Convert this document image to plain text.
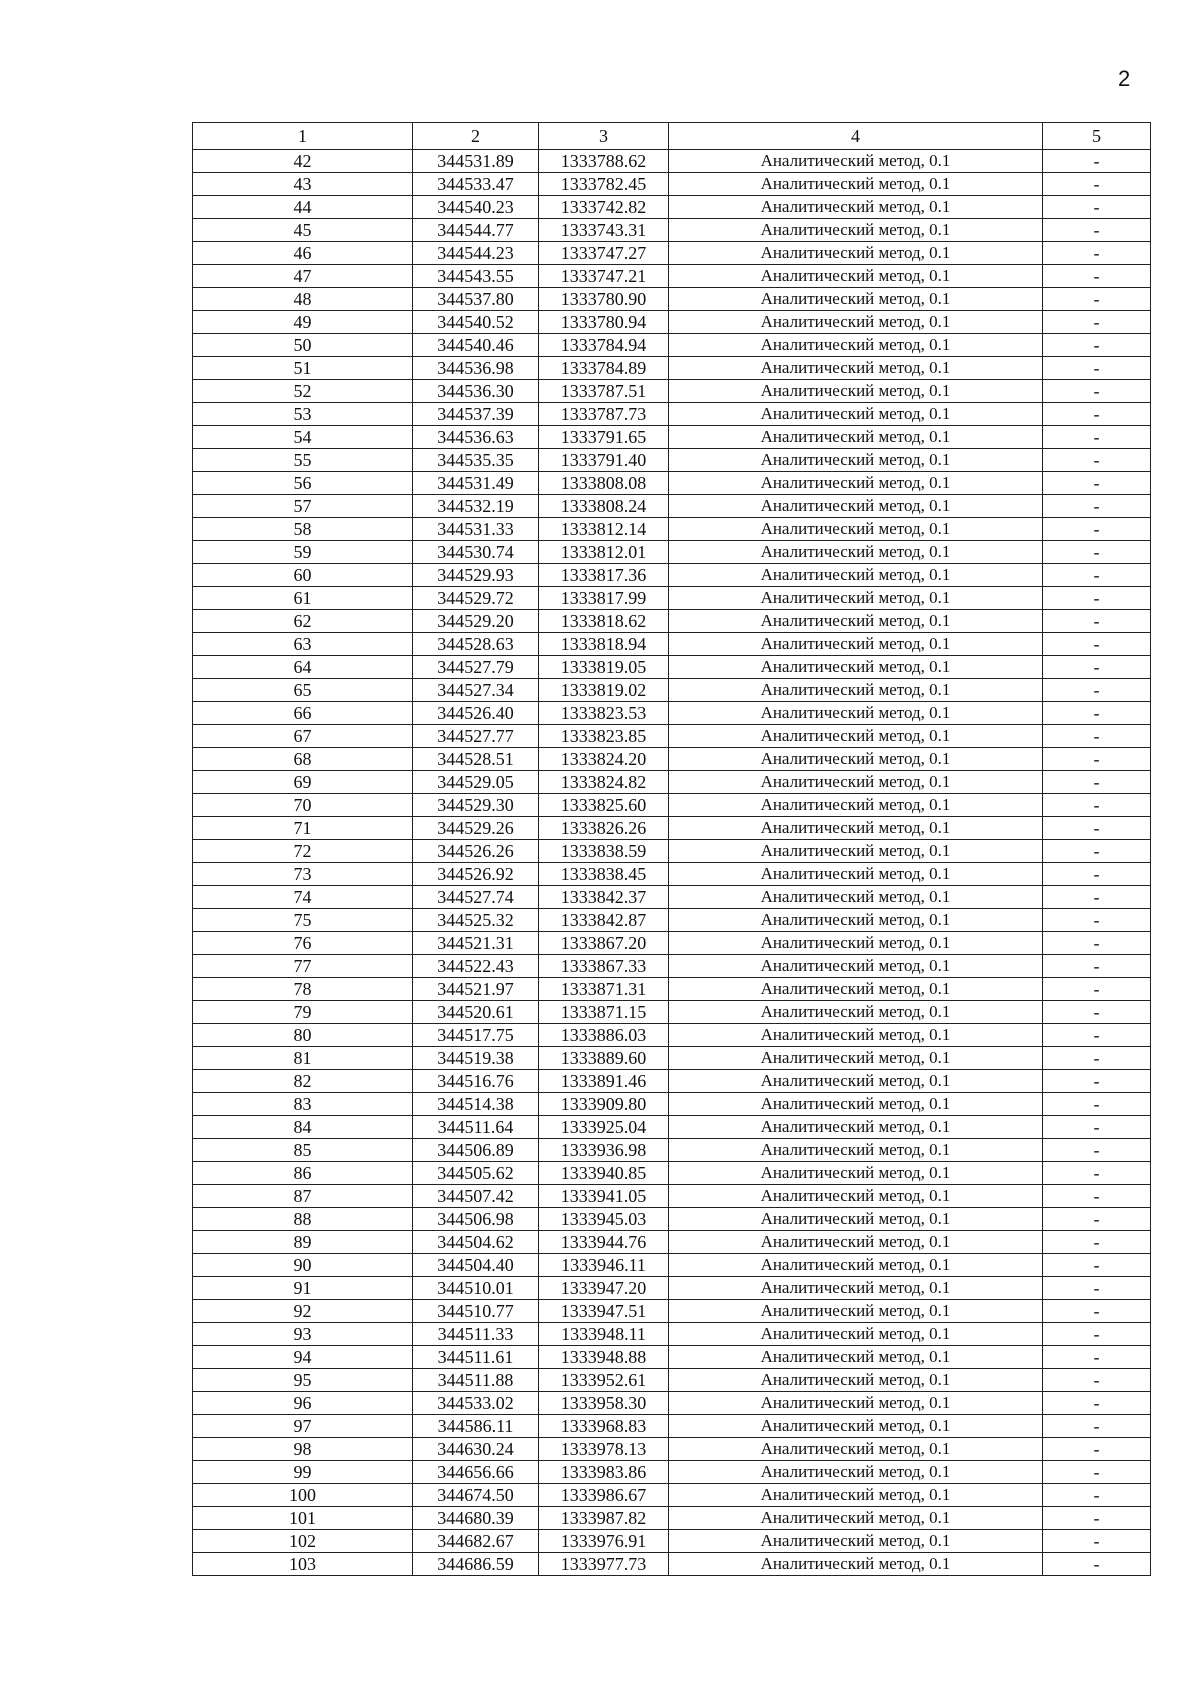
2
1	2	3	4	5
42	344531.89	1333788.62	Аналитический метод, 0.1	-
43	344533.47	1333782.45	Аналитический метод, 0.1	-
44	344540.23	1333742.82	Аналитический метод, 0.1	-
45	344544.77	1333743.31	Аналитический метод, 0.1	-
46	344544.23	1333747.27	Аналитический метод, 0.1	-
47	344543.55	1333747.21	Аналитический метод, 0.1	-
48	344537.80	1333780.90	Аналитический метод, 0.1	-
49	344540.52	1333780.94	Аналитический метод, 0.1	-
50	344540.46	1333784.94	Аналитический метод, 0.1	-
51	344536.98	1333784.89	Аналитический метод, 0.1	-
52	344536.30	1333787.51	Аналитический метод, 0.1	-
53	344537.39	1333787.73	Аналитический метод, 0.1	-
54	344536.63	1333791.65	Аналитический метод, 0.1	-
55	344535.35	1333791.40	Аналитический метод, 0.1	-
56	344531.49	1333808.08	Аналитический метод, 0.1	-
57	344532.19	1333808.24	Аналитический метод, 0.1	-
58	344531.33	1333812.14	Аналитический метод, 0.1	-
59	344530.74	1333812.01	Аналитический метод, 0.1	-
60	344529.93	1333817.36	Аналитический метод, 0.1	-
61	344529.72	1333817.99	Аналитический метод, 0.1	-
62	344529.20	1333818.62	Аналитический метод, 0.1	-
63	344528.63	1333818.94	Аналитический метод, 0.1	-
64	344527.79	1333819.05	Аналитический метод, 0.1	-
65	344527.34	1333819.02	Аналитический метод, 0.1	-
66	344526.40	1333823.53	Аналитический метод, 0.1	-
67	344527.77	1333823.85	Аналитический метод, 0.1	-
68	344528.51	1333824.20	Аналитический метод, 0.1	-
69	344529.05	1333824.82	Аналитический метод, 0.1	-
70	344529.30	1333825.60	Аналитический метод, 0.1	-
71	344529.26	1333826.26	Аналитический метод, 0.1	-
72	344526.26	1333838.59	Аналитический метод, 0.1	-
73	344526.92	1333838.45	Аналитический метод, 0.1	-
74	344527.74	1333842.37	Аналитический метод, 0.1	-
75	344525.32	1333842.87	Аналитический метод, 0.1	-
76	344521.31	1333867.20	Аналитический метод, 0.1	-
77	344522.43	1333867.33	Аналитический метод, 0.1	-
78	344521.97	1333871.31	Аналитический метод, 0.1	-
79	344520.61	1333871.15	Аналитический метод, 0.1	-
80	344517.75	1333886.03	Аналитический метод, 0.1	-
81	344519.38	1333889.60	Аналитический метод, 0.1	-
82	344516.76	1333891.46	Аналитический метод, 0.1	-
83	344514.38	1333909.80	Аналитический метод, 0.1	-
84	344511.64	1333925.04	Аналитический метод, 0.1	-
85	344506.89	1333936.98	Аналитический метод, 0.1	-
86	344505.62	1333940.85	Аналитический метод, 0.1	-
87	344507.42	1333941.05	Аналитический метод, 0.1	-
88	344506.98	1333945.03	Аналитический метод, 0.1	-
89	344504.62	1333944.76	Аналитический метод, 0.1	-
90	344504.40	1333946.11	Аналитический метод, 0.1	-
91	344510.01	1333947.20	Аналитический метод, 0.1	-
92	344510.77	1333947.51	Аналитический метод, 0.1	-
93	344511.33	1333948.11	Аналитический метод, 0.1	-
94	344511.61	1333948.88	Аналитический метод, 0.1	-
95	344511.88	1333952.61	Аналитический метод, 0.1	-
96	344533.02	1333958.30	Аналитический метод, 0.1	-
97	344586.11	1333968.83	Аналитический метод, 0.1	-
98	344630.24	1333978.13	Аналитический метод, 0.1	-
99	344656.66	1333983.86	Аналитический метод, 0.1	-
100	344674.50	1333986.67	Аналитический метод, 0.1	-
101	344680.39	1333987.82	Аналитический метод, 0.1	-
102	344682.67	1333976.91	Аналитический метод, 0.1	-
103	344686.59	1333977.73	Аналитический метод, 0.1	-
